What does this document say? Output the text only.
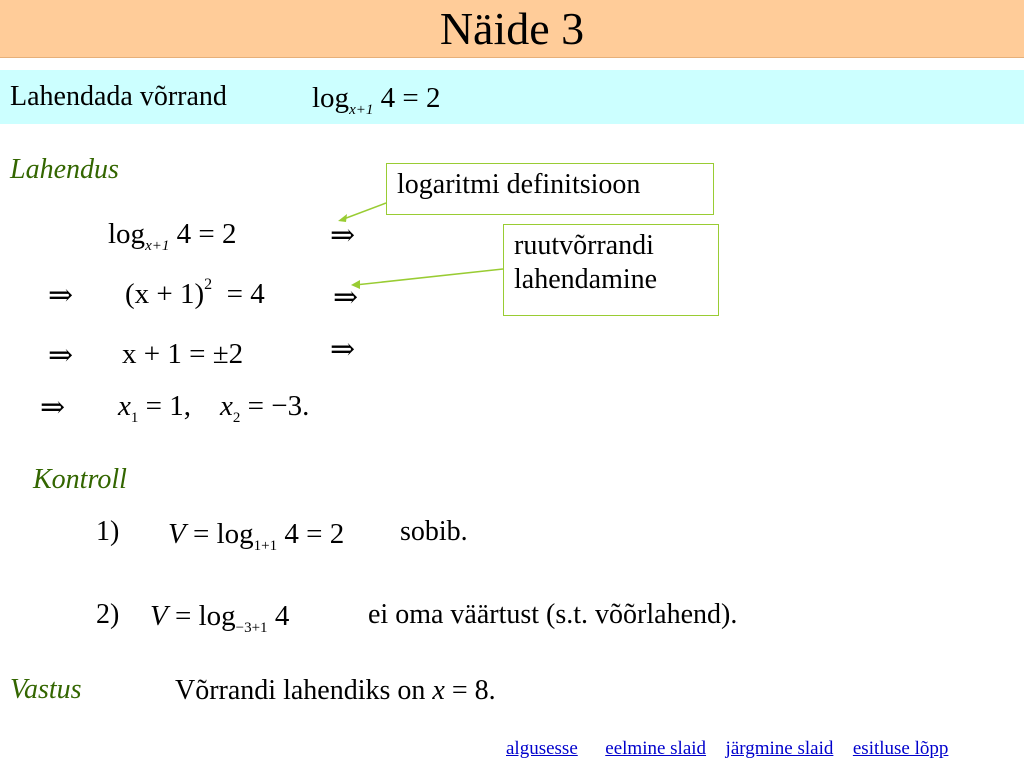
Näide 3
Lahendada võrrand	$\log_{x+1} 4 = 2$
Lahendus	logaritmi definitsioon
ruutvõrrandi
lahendamine
$\log_{x+1} 4 = 2$	⇒
⇒ $(x + 1)^2 = 4$ ⇒
⇒ x + 1 = ±2	⇒
⇒ $x_1 = 1$, $x_2 = -3$.
Kontroll
1) $V = \log_{1+1} 4 = 2$ sobib.
2) $V = \log_{-3+1} 4$	ei oma väärtust (s.t. võõrlahend).
Vastus	Võrrandi lahendiks on x = 8.
algusesse eelmine slaid järgmine slaid esitluse lõpp
